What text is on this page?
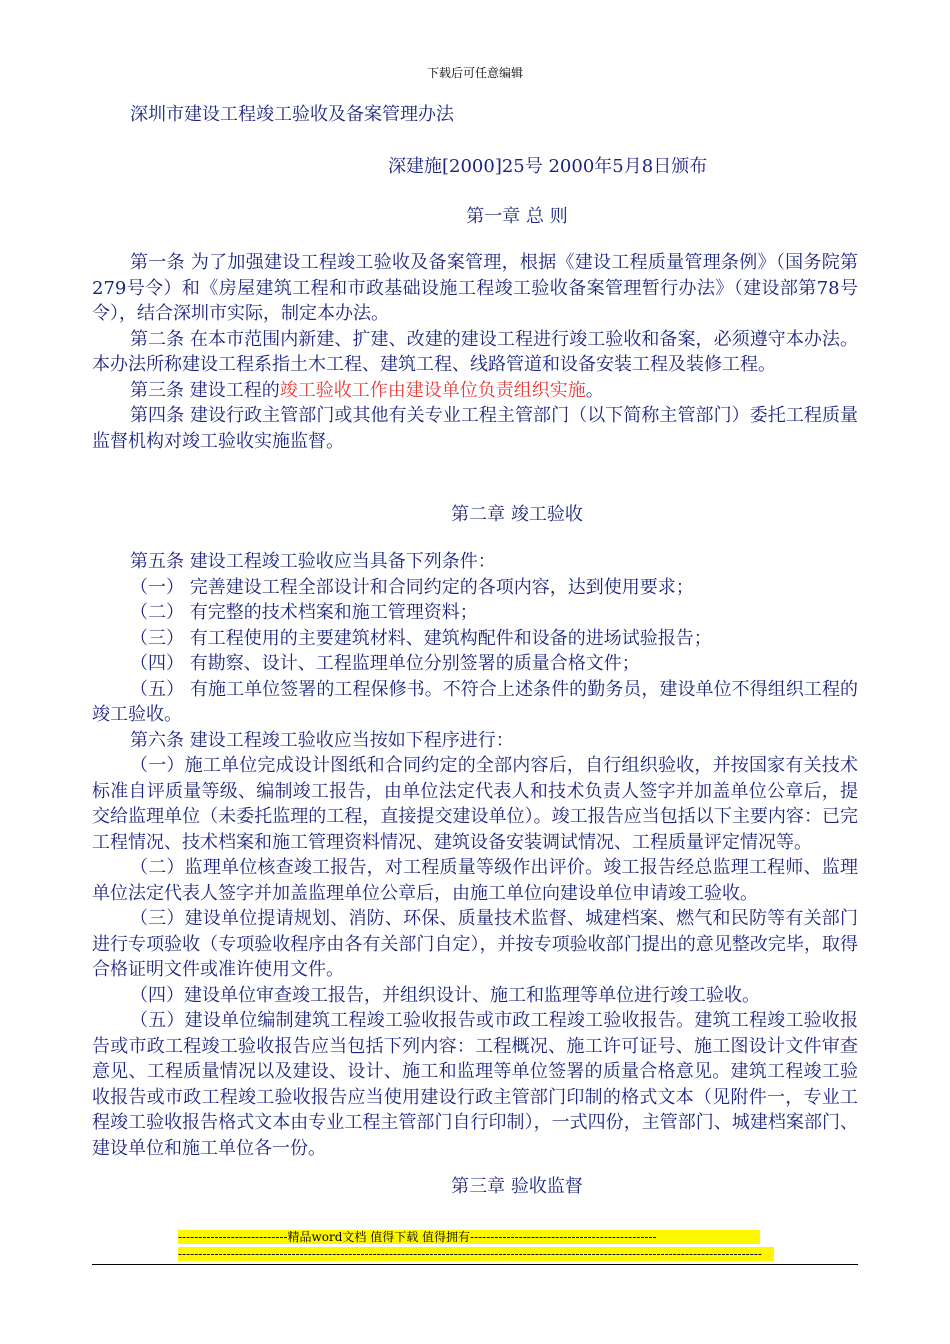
下载后可任意编辑
深圳市建设工程竣工验收及备案管理办法
深建施[2000]25号 2000年5月8日颁布
第一章 总 则

第一条 为了加强建设工程竣工验收及备案管理，根据《建设工程质量管理条例》（国务院第279号令）和《房屋建筑工程和市政基础设施工程竣工验收备案管理暂行办法》（建设部第78号令），结合深圳市实际，制定本办法。

第二条 在本市范围内新建、扩建、改建的建设工程进行竣工验收和备案，必须遵守本办法。 本办法所称建设工程系指土木工程、建筑工程、线路管道和设备安装工程及装修工程。

第三条 建设工程的竣工验收工作由建设单位负责组织实施。

第四条 建设行政主管部门或其他有关专业工程主管部门（以下简称主管部门）委托工程质量监督机构对竣工验收实施监督。

第二章 竣工验收

第五条 建设工程竣工验收应当具备下列条件：

（一） 完善建设工程全部设计和合同约定的各项内容，达到使用要求；

（二） 有完整的技术档案和施工管理资料；

（三） 有工程使用的主要建筑材料、建筑构配件和设备的进场试验报告；

（四） 有勘察、设计、工程监理单位分别签署的质量合格文件；

（五） 有施工单位签署的工程保修书。不符合上述条件的勤务员，建设单位不得组织工程的竣工验收。

第六条 建设工程竣工验收应当按如下程序进行：

（一）施工单位完成设计图纸和合同约定的全部内容后，自行组织验收，并按国家有关技术标准自评质量等级、编制竣工报告，由单位法定代表人和技术负责人签字并加盖单位公章后，提交给监理单位（未委托监理的工程，直接提交建设单位）。竣工报告应当包括以下主要内容：已完工程情况、技术档案和施工管理资料情况、建筑设备安装调试情况、工程质量评定情况等。

（二）监理单位核查竣工报告，对工程质量等级作出评价。竣工报告经总监理工程师、监理单位法定代表人签字并加盖监理单位公章后，由施工单位向建设单位申请竣工验收。

（三）建设单位提请规划、消防、环保、质量技术监督、城建档案、燃气和民防等有关部门进行专项验收（专项验收程序由各有关部门自定），并按专项验收部门提出的意见整改完毕，取得合格证明文件或准许使用文件。

（四）建设单位审查竣工报告，并组织设计、施工和监理等单位进行竣工验收。

（五）建设单位编制建筑工程竣工验收报告或市政工程竣工验收报告。建筑工程竣工验收报告或市政工程竣工验收报告应当包括下列内容：工程概况、施工许可证号、施工图设计文件审查意见、工程质量情况以及建设、设计、施工和监理等单位签署的质量合格意见。建筑工程竣工验收报告或市政工程竣工验收报告应当使用建设行政主管部门印制的格式文本（见附件一，专业工程竣工验收报告格式文本由专业工程主管部门自行印制），一式四份，主管部门、城建档案部门、建设单位和施工单位各一份。

第三章 验收监督
---------------------------精品word文档 值得下载 值得拥有----------------------------------------------
------------------------------------------------------------------------------------------------------------------------------------------------
